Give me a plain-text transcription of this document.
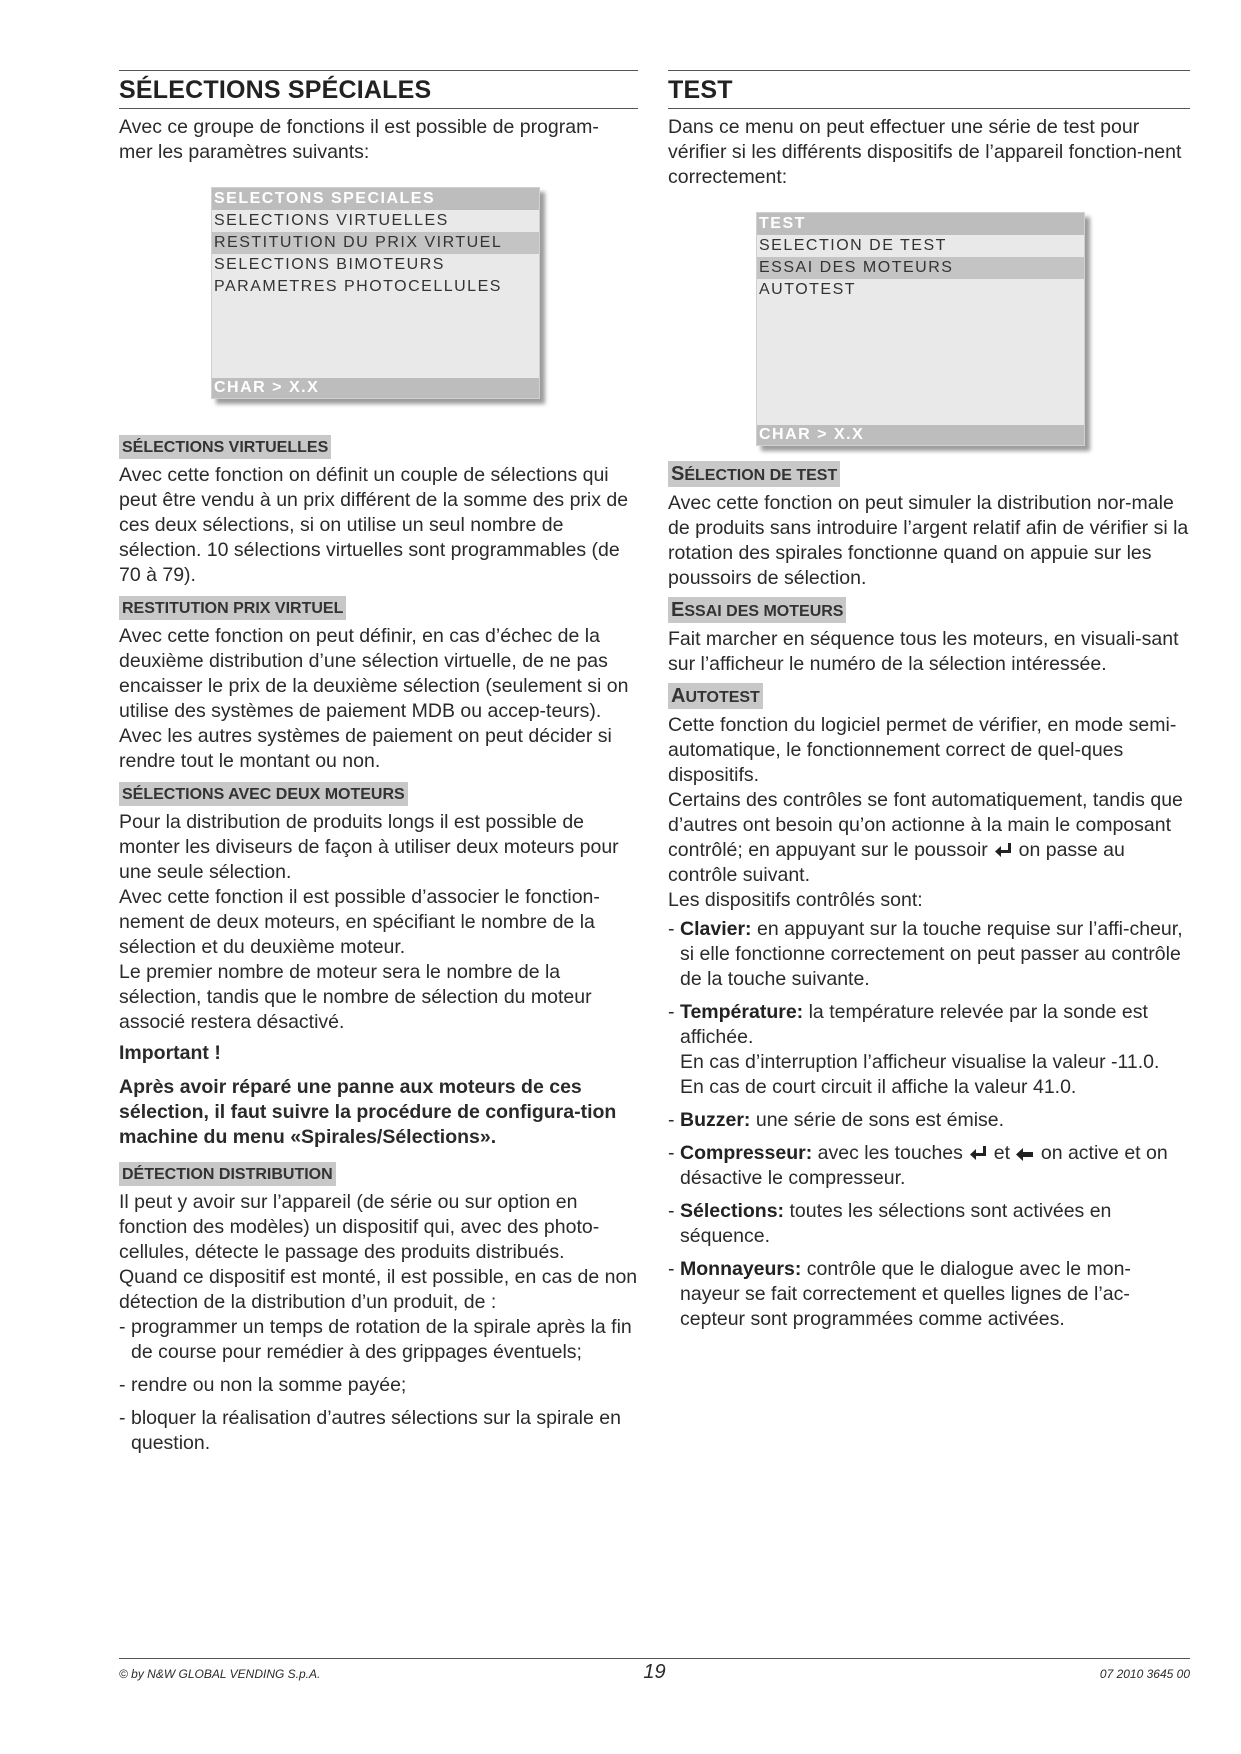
SÉLECTIONS SPÉCIALES

Avec ce groupe de fonctions il est possible de program-
mer les paramètres suivants:

SELECTONS SPECIALES
SELECTIONS VIRTUELLES
RESTITUTION DU PRIX VIRTUEL
SELECTIONS BIMOTEURS
PARAMETRES PHOTOCELLULES
CHAR > X.X
SÉLECTIONS VIRTUELLES

Avec cette fonction on définit un couple de sélections qui peut être vendu à un prix différent de la somme des prix de ces deux sélections, si on utilise un seul nombre de sélection. 10 sélections virtuelles sont programmables (de 70 à 79).

RESTITUTION PRIX VIRTUEL

Avec cette fonction on peut définir, en cas d’échec de la deuxième distribution d’une sélection virtuelle, de ne pas encaisser le prix de la deuxième sélection (seulement si on utilise des systèmes de paiement MDB ou accep-teurs). Avec les autres systèmes de paiement on peut décider si rendre tout le montant ou non.

SÉLECTIONS AVEC DEUX MOTEURS

Pour la distribution de produits longs il est possible de monter les diviseurs de façon à utiliser deux moteurs pour une seule sélection.
Avec cette fonction il est possible d’associer le fonction-nement de deux moteurs, en spécifiant le nombre de la sélection et du deuxième moteur.
Le premier nombre de moteur sera le nombre de la sélection, tandis que le nombre de sélection du moteur associé restera désactivé.

Important !

Après avoir réparé une panne aux moteurs de ces sélection, il faut suivre la procédure de configura-tion machine du menu «Spirales/Sélections».

DÉTECTION DISTRIBUTION

Il peut y avoir sur l’appareil (de série ou sur option en fonction des modèles) un dispositif qui, avec des photo-cellules, détecte le passage des produits distribués.
Quand ce dispositif est monté, il est possible, en cas de non détection de la distribution d’un produit, de :

- programmer un temps de rotation de la spirale après la fin de course pour remédier à des grippages éventuels;
- rendre ou non la somme payée;
- bloquer la réalisation d’autres sélections sur la spirale en question.
TEST

Dans ce menu on peut effectuer une série de test pour vérifier si les différents dispositifs de l’appareil fonction-nent correctement:

TEST
SELECTION DE TEST
ESSAI DES MOTEURS
AUTOTEST
CHAR > X.X
SÉLECTION DE TEST

Avec cette fonction on peut simuler la distribution nor-male de produits sans introduire l’argent relatif afin de vérifier si la rotation des spirales fonctionne quand on appuie sur les poussoirs de sélection.

ESSAI DES MOTEURS

Fait marcher en séquence tous les moteurs, en visuali-sant sur l’afficheur le numéro de la sélection intéressée.

AUTOTEST

Cette fonction du logiciel permet de vérifier, en mode semi-automatique, le fonctionnement correct de quel-ques dispositifs.

Certains des contrôles se font automatiquement, tandis que d’autres ont besoin qu’on actionne à la main le composant contrôlé; en appuyant sur le poussoir on passe au contrôle suivant.

Les dispositifs contrôlés sont:

- Clavier: en appuyant sur la touche requise sur l’affi-cheur, si elle fonctionne correctement on peut passer au contrôle de la touche suivante.
- Température: la température relevée par la sonde est affichée.
En cas d’interruption l’afficheur visualise la valeur -11.0.
En cas de court circuit il affiche la valeur 41.0.
- Buzzer: une série de sons est émise.
- Compresseur: avec les touches et on active et on désactive le compresseur.
- Sélections: toutes les sélections sont activées en séquence.
- Monnayeurs: contrôle que le dialogue avec le mon-nayeur se fait correctement et quelles lignes de l’ac-cepteur sont programmées comme activées.
© by N&W GLOBAL VENDING S.p.A.	19	07 2010 3645 00
